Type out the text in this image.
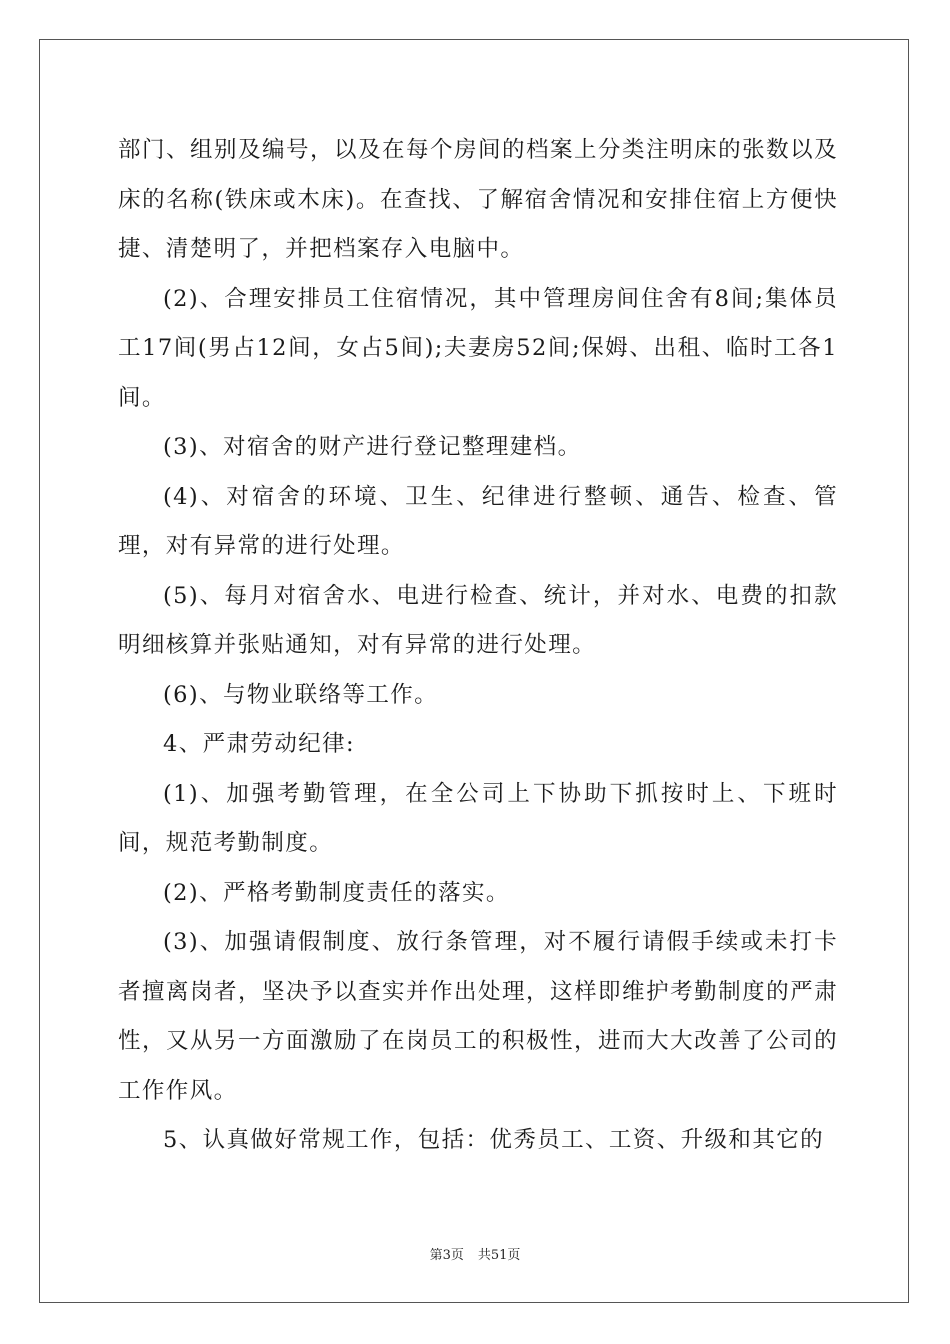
部门、组别及编号，以及在每个房间的档案上分类注明床的张数以及床的名称(铁床或木床)。在查找、了解宿舍情况和安排住宿上方便快捷、清楚明了，并把档案存入电脑中。

(2)、合理安排员工住宿情况，其中管理房间住舍有8间;集体员工17间(男占12间，女占5间);夫妻房52间;保姆、出租、临时工各1间。

(3)、对宿舍的财产进行登记整理建档。

(4)、对宿舍的环境、卫生、纪律进行整顿、通告、检查、管理，对有异常的进行处理。

(5)、每月对宿舍水、电进行检查、统计，并对水、电费的扣款明细核算并张贴通知，对有异常的进行处理。

(6)、与物业联络等工作。

4、严肃劳动纪律:

(1)、加强考勤管理，在全公司上下协助下抓按时上、下班时间，规范考勤制度。

(2)、严格考勤制度责任的落实。

(3)、加强请假制度、放行条管理，对不履行请假手续或未打卡者擅离岗者，坚决予以查实并作出处理，这样即维护考勤制度的严肃性，又从另一方面激励了在岗员工的积极性，进而大大改善了公司的工作作风。

5、认真做好常规工作，包括：优秀员工、工资、升级和其它的

第3页 共51页
